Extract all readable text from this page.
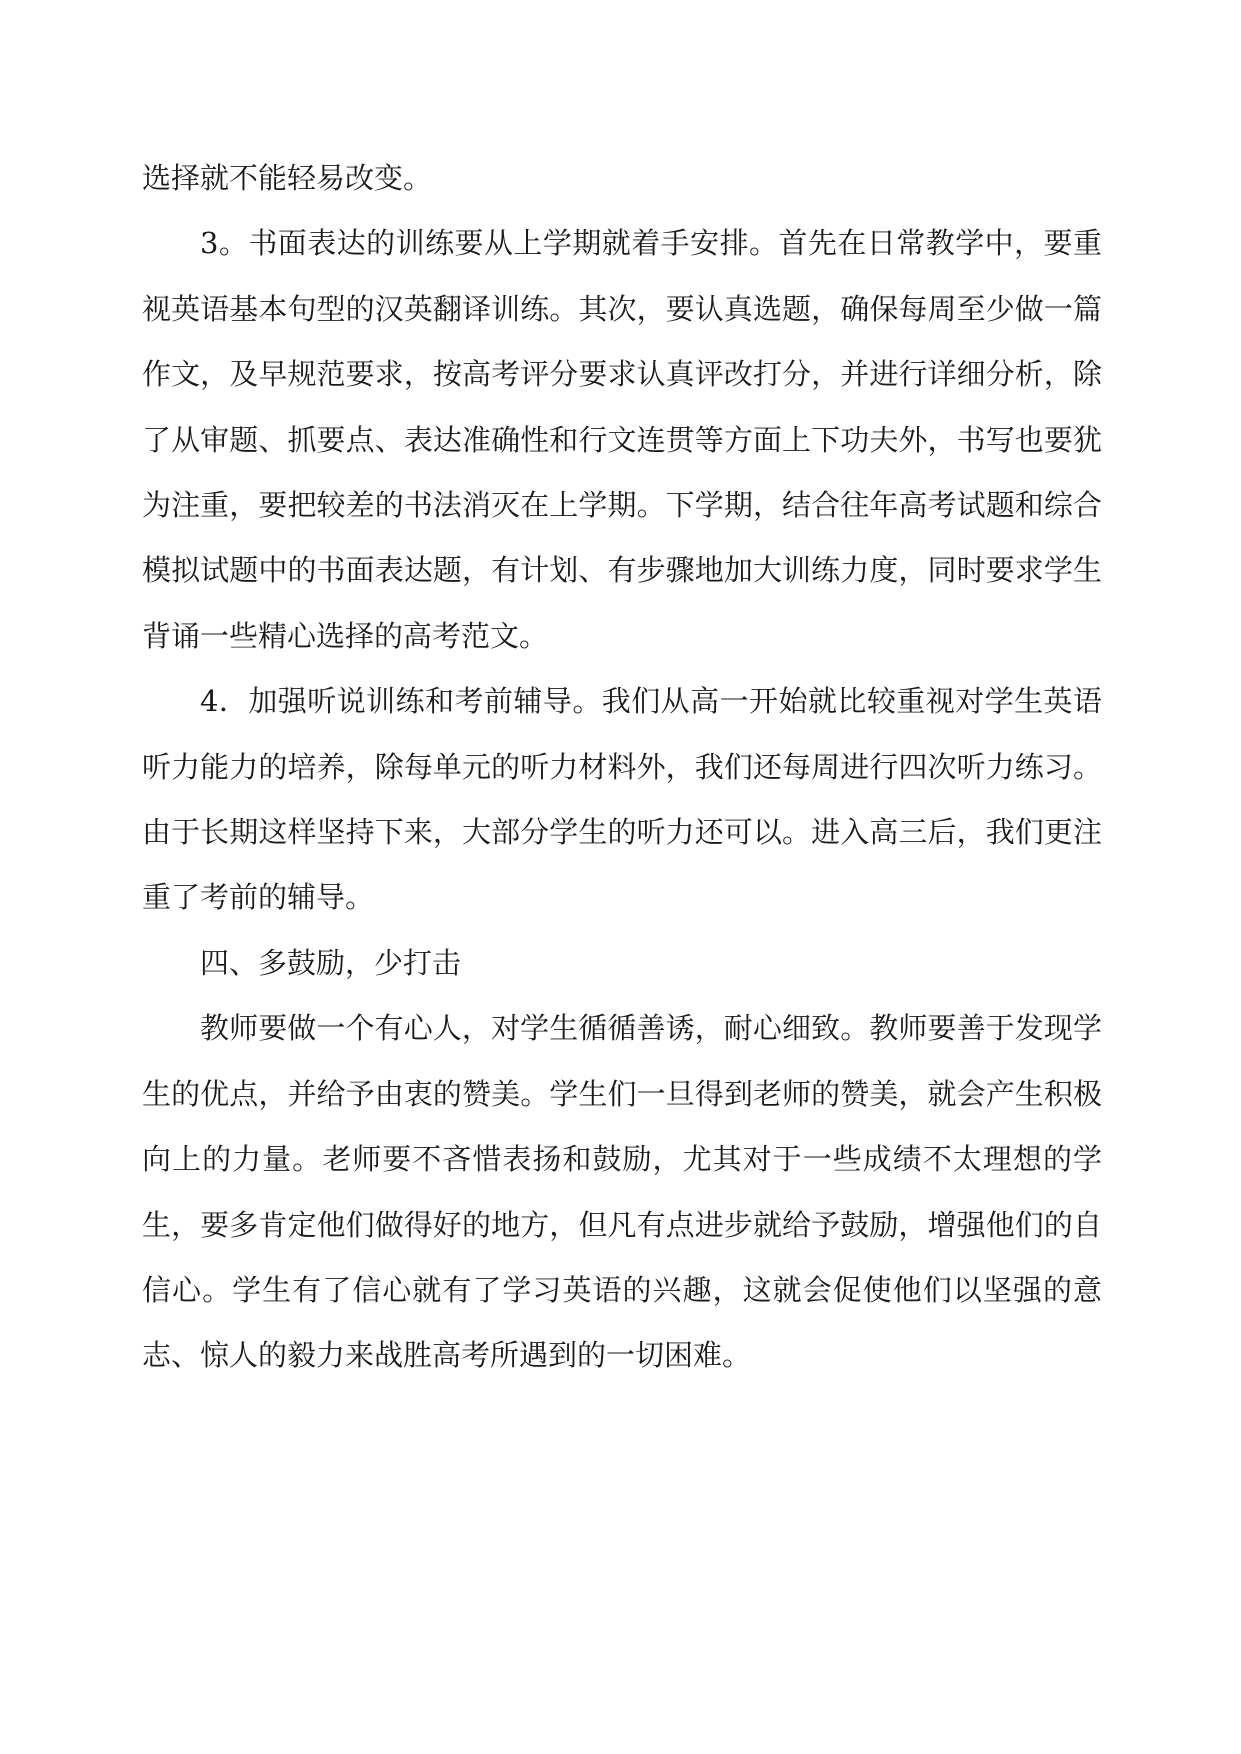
选择就不能轻易改变。

3。书面表达的训练要从上学期就着手安排。首先在日常教学中，要重视英语基本句型的汉英翻译训练。其次，要认真选题，确保每周至少做一篇作文，及早规范要求，按高考评分要求认真评改打分，并进行详细分析，除了从审题、抓要点、表达准确性和行文连贯等方面上下功夫外，书写也要犹为注重，要把较差的书法消灭在上学期。下学期，结合往年高考试题和综合模拟试题中的书面表达题，有计划、有步骤地加大训练力度，同时要求学生背诵一些精心选择的高考范文。

4．加强听说训练和考前辅导。我们从高一开始就比较重视对学生英语听力能力的培养，除每单元的听力材料外，我们还每周进行四次听力练习。由于长期这样坚持下来，大部分学生的听力还可以。进入高三后，我们更注重了考前的辅导。

四、多鼓励，少打击

教师要做一个有心人，对学生循循善诱，耐心细致。教师要善于发现学生的优点，并给予由衷的赞美。学生们一旦得到老师的赞美，就会产生积极向上的力量。老师要不吝惜表扬和鼓励，尤其对于一些成绩不太理想的学生，要多肯定他们做得好的地方，但凡有点进步就给予鼓励，增强他们的自信心。学生有了信心就有了学习英语的兴趣，这就会促使他们以坚强的意志、惊人的毅力来战胜高考所遇到的一切困难。
